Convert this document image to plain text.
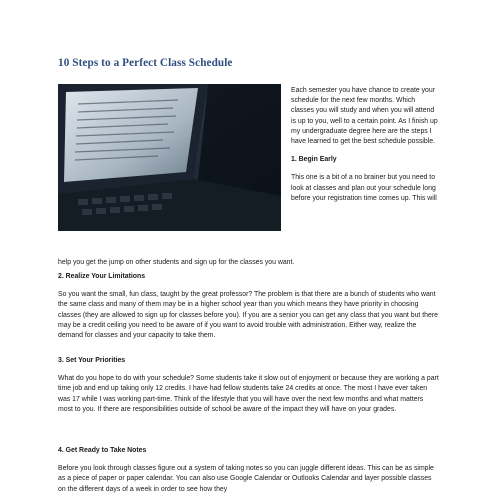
10 Steps to a Perfect Class Schedule

Each semester you have chance to create your schedule for the next few months. Which classes you will study and when you will attend is up to you, well to a certain point. As I finish up my undergraduate degree here are the steps I have learned to get the best schedule possible.

1. Begin Early

This one is a bit of a no brainer but you need to look at classes and plan out your schedule long before your registration time comes up. This will

help you get the jump on other students and sign up for the classes you want.

2. Realize Your Limitations

So you want the small, fun class, taught by the great professor? The problem is that there are a bunch of students who want the same class and many of them may be in a higher school year than you which means they have priority in choosing classes (they are allowed to sign up for classes before you). If you are a senior you can get any class that you want but there may be a credit ceiling you need to be aware of if you want to avoid trouble with administration. Either way, realize the demand for classes and your capacity to take them.

3. Set Your Priorities

What do you hope to do with your schedule? Some students take it slow out of enjoyment or because they are working a part time job and end up taking only 12 credits. I have had fellow students take 24 credits at once. The most I have ever taken was 17 while I was working part-time. Think of the lifestyle that you will have over the next few months and what matters most to you. If there are responsibilities outside of school be aware of the impact they will have on your grades.

4. Get Ready to Take Notes

Before you look through classes figure out a system of taking notes so you can juggle different ideas. This can be as simple as a piece of paper or paper calendar. You can also use Google Calendar or Outlooks Calendar and layer possible classes on the different days of a week in order to see how they
